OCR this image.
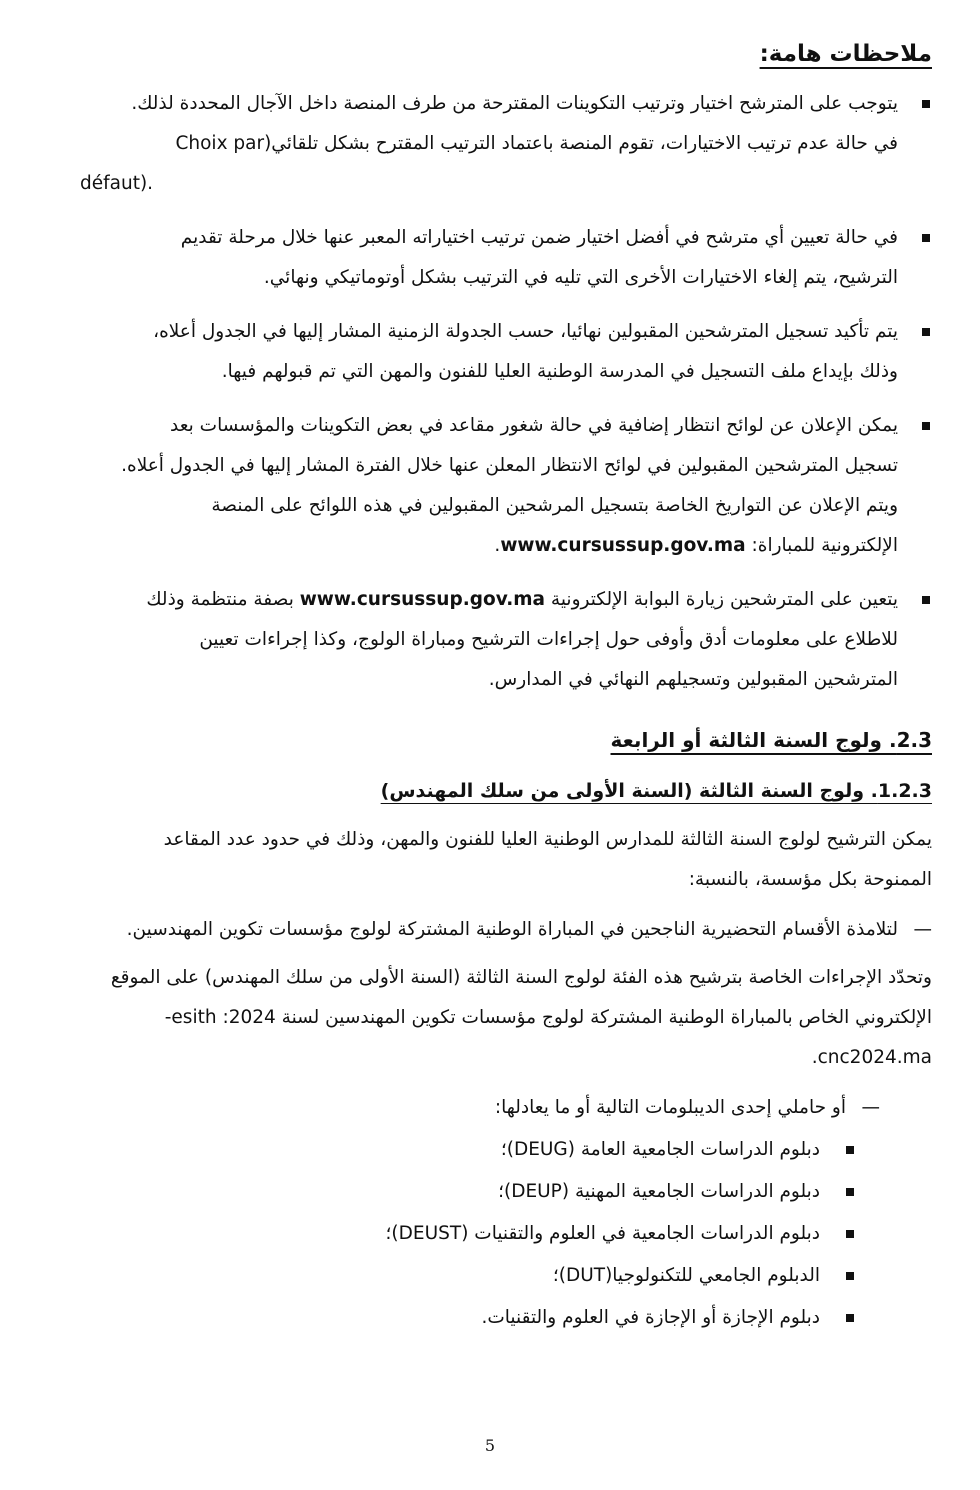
ملاحظات هامة:
يتوجب على المترشح اختيار وترتيب التكوينات المقترحة من طرف المنصة داخل الآجال المحددة لذلك.
في حالة عدم ترتيب الاختيارات، تقوم المنصة باعتماد الترتيب المقترح بشكل تلقائي(Choix par
défaut).
في حالة تعيين أي مترشح في أفضل اختيار ضمن ترتيب اختياراته المعبر عنها خلال مرحلة تقديم
الترشيح، يتم إلغاء الاختيارات الأخرى التي تليه في الترتيب بشكل أوتوماتيكي ونهائي.
يتم تأكيد تسجيل المترشحين المقبولين نهائيا، حسب الجدولة الزمنية المشار إليها في الجدول أعلاه،
وذلك بإيداع ملف التسجيل في المدرسة الوطنية العليا للفنون والمهن التي تم قبولهم فيها.
يمكن الإعلان عن لوائح انتظار إضافية في حالة شغور مقاعد في بعض التكوينات والمؤسسات بعد
تسجيل المترشحين المقبولين في لوائح الانتظار المعلن عنها خلال الفترة المشار إليها في الجدول أعلاه.
ويتم الإعلان عن التواريخ الخاصة بتسجيل المرشحين المقبولين في هذه اللوائح على المنصة
الإلكترونية للمباراة: www.cursussup.gov.ma.
يتعين على المترشحين زيارة البوابة الإلكترونية www.cursussup.gov.ma بصفة منتظمة وذلك
للاطلاع على معلومات أدق وأوفى حول إجراءات الترشيح ومباراة الولوج، وكذا إجراءات تعيين
المترشحين المقبولين وتسجيلهم النهائي في المدارس.
2.3. ولوج السنة الثالثة أو الرابعة
1.2.3. ولوج السنة الثالثة (السنة الأولى من سلك المهندس)
يمكن الترشيح لولوج السنة الثالثة للمدارس الوطنية العليا للفنون والمهن، وذلك في حدود عدد المقاعد
الممنوحة بكل مؤسسة، بالنسبة:
—
لتلامذة الأقسام التحضيرية الناجحين في المباراة الوطنية المشتركة لولوج مؤسسات تكوين المهندسين.
وتحدّد الإجراءات الخاصة بترشيح هذه الفئة لولوج السنة الثالثة (السنة الأولى من سلك المهندس) على الموقع
الإلكتروني الخاص بالمباراة الوطنية المشتركة لولوج مؤسسات تكوين المهندسين لسنة 2024: esith-
cnc2024.ma.
—
أو حاملي إحدى الديبلومات التالية أو ما يعادلها:
دبلوم الدراسات الجامعية العامة (DEUG)؛
دبلوم الدراسات الجامعية المهنية (DEUP)؛
دبلوم الدراسات الجامعية في العلوم والتقنيات (DEUST)؛
الدبلوم الجامعي للتكنولوجيا(DUT)؛
دبلوم الإجازة أو الإجازة في العلوم والتقنيات.
5
